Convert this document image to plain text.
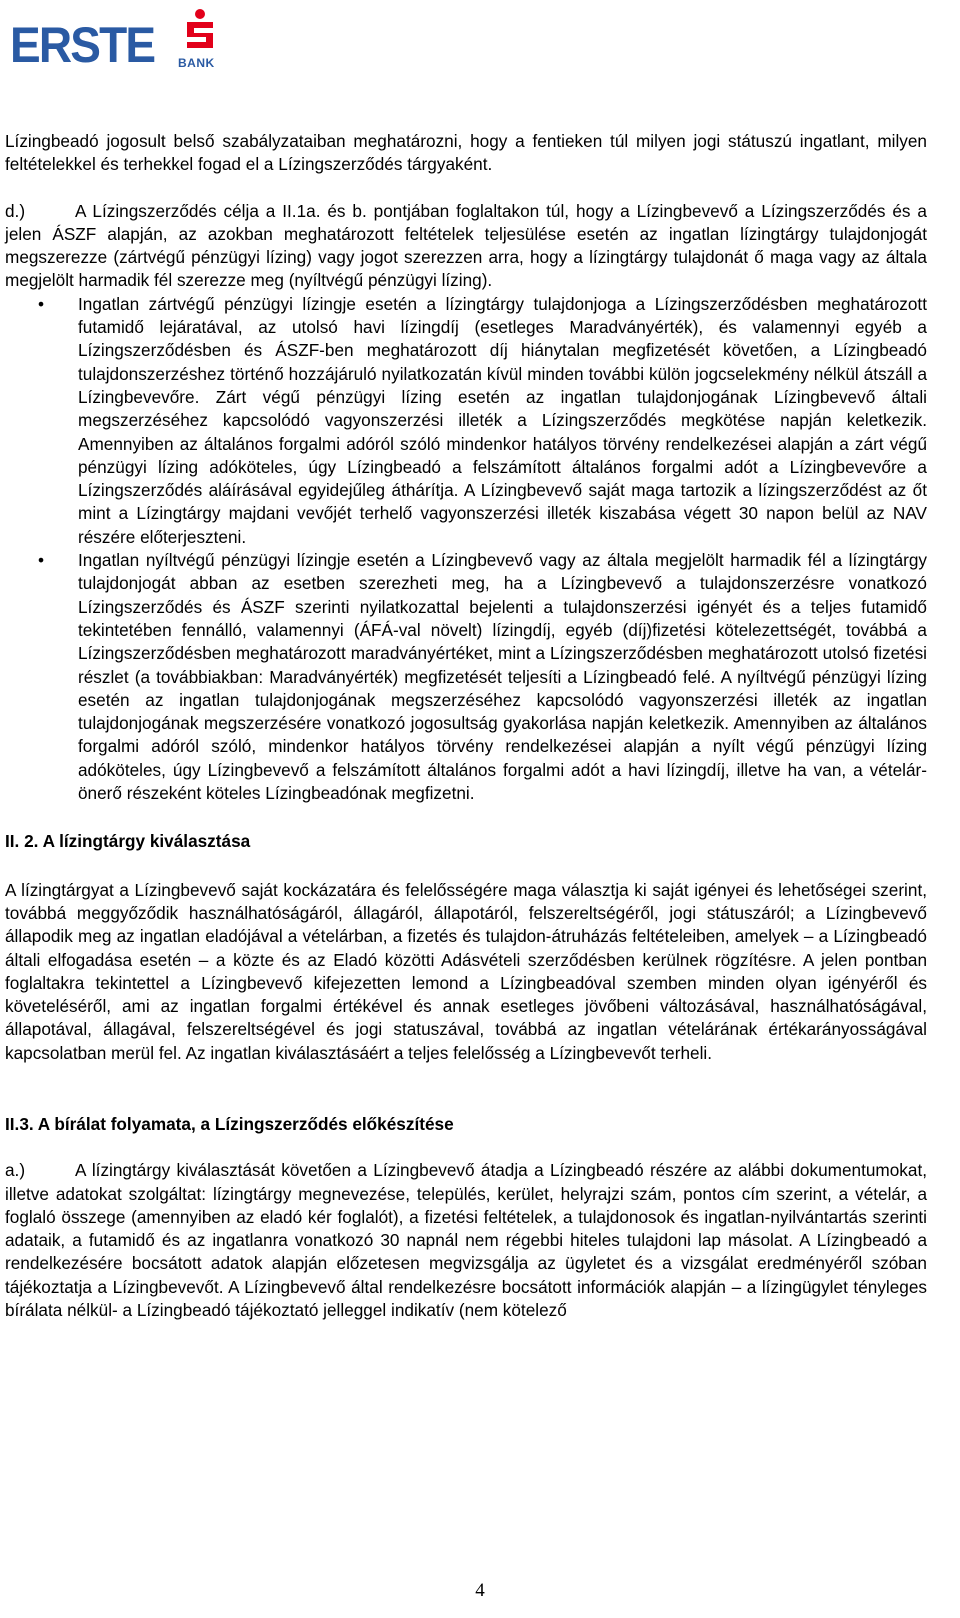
ERSTE BANK

Lízingbeadó jogosult belső szabályzataiban meghatározni, hogy a fentieken túl milyen jogi státuszú ingatlant, milyen feltételekkel és terhekkel fogad el a Lízingszerződés tárgyaként.

d.)	A Lízingszerződés célja a II.1a. és b. pontjában foglaltakon túl, hogy a Lízingbevevő a Lízingszerződés és a jelen ÁSZF alapján, az azokban meghatározott feltételek teljesülése esetén az ingatlan lízingtárgy tulajdonjogát megszerezze (zártvégű pénzügyi lízing) vagy jogot szerezzen arra, hogy a lízingtárgy tulajdonát ő maga vagy az általa megjelölt harmadik fél szerezze meg (nyíltvégű pénzügyi lízing).

• Ingatlan zártvégű pénzügyi lízingje esetén a lízingtárgy tulajdonjoga a Lízingszerződésben meghatározott futamidő lejáratával, az utolsó havi lízingdíj (esetleges Maradványérték), és valamennyi egyéb a Lízingszerződésben és ÁSZF-ben meghatározott díj hiánytalan megfizetését követően, a Lízingbeadó tulajdonszerzéshez történő hozzájáruló nyilatkozatán kívül minden további külön jogcselekmény nélkül átszáll a Lízingbevevőre. Zárt végű pénzügyi lízing esetén az ingatlan tulajdonjogának Lízingbevevő általi megszerzéséhez kapcsolódó vagyonszerzési illeték a Lízingszerződés megkötése napján keletkezik. Amennyiben az általános forgalmi adóról szóló mindenkor hatályos törvény rendelkezései alapján a zárt végű pénzügyi lízing adóköteles, úgy Lízingbeadó a felszámított általános forgalmi adót a Lízingbevevőre a Lízingszerződés aláírásával egyidejűleg áthárítja. A Lízingbevevő saját maga tartozik a lízingszerződést az őt mint a Lízingtárgy majdani vevőjét terhelő vagyonszerzési illeték kiszabása végett 30 napon belül az NAV részére előterjeszteni.

• Ingatlan nyíltvégű pénzügyi lízingje esetén a Lízingbevevő vagy az általa megjelölt harmadik fél a lízingtárgy tulajdonjogát abban az esetben szerezheti meg, ha a Lízingbevevő a tulajdonszerzésre vonatkozó Lízingszerződés és ÁSZF szerinti nyilatkozattal bejelenti a tulajdonszerzési igényét és a teljes futamidő tekintetében fennálló, valamennyi (ÁFÁ-val növelt) lízingdíj, egyéb (díj)fizetési kötelezettségét, továbbá a Lízingszerződésben meghatározott maradványértéket, mint a Lízingszerződésben meghatározott utolsó fizetési részlet (a továbbiakban: Maradványérték) megfizetését teljesíti a Lízingbeadó felé. A nyíltvégű pénzügyi lízing esetén az ingatlan tulajdonjogának megszerzéséhez kapcsolódó vagyonszerzési illeték az ingatlan tulajdonjogának megszerzésére vonatkozó jogosultság gyakorlása napján keletkezik. Amennyiben az általános forgalmi adóról szóló, mindenkor hatályos törvény rendelkezései alapján a nyílt végű pénzügyi lízing adóköteles, úgy Lízingbevevő a felszámított általános forgalmi adót a havi lízingdíj, illetve ha van, a vételár-önerő részeként köteles Lízingbeadónak megfizetni.

II. 2. A lízingtárgy kiválasztása

A lízingtárgyat a Lízingbevevő saját kockázatára és felelősségére maga választja ki saját igényei és lehetőségei szerint, továbbá meggyőződik használhatóságáról, állagáról, állapotáról, felszereltségéről, jogi státuszáról; a Lízingbevevő állapodik meg az ingatlan eladójával a vételárban, a fizetés és tulajdon-átruházás feltételeiben, amelyek – a Lízingbeadó általi elfogadása esetén – a közte és az Eladó közötti Adásvételi szerződésben kerülnek rögzítésre. A jelen pontban foglaltakra tekintettel a Lízingbevevő kifejezetten lemond a Lízingbeadóval szemben minden olyan igényéről és követeléséről, ami az ingatlan forgalmi értékével és annak esetleges jövőbeni változásával, használhatóságával, állapotával, állagával, felszereltségével és jogi statuszával, továbbá az ingatlan vételárának értékarányosságával kapcsolatban merül fel. Az ingatlan kiválasztásáért a teljes felelősség a Lízingbevevőt terheli.

II.3. A bírálat folyamata, a Lízingszerződés előkészítése

a.)	A lízingtárgy kiválasztását követően a Lízingbevevő átadja a Lízingbeadó részére az alábbi dokumentumokat, illetve adatokat szolgáltat: lízingtárgy megnevezése, település, kerület, helyrajzi szám, pontos cím szerint, a vételár, a foglaló összege (amennyiben az eladó kér foglalót), a fizetési feltételek, a tulajdonosok és ingatlan-nyilvántartás szerinti adataik, a futamidő és az ingatlanra vonatkozó 30 napnál nem régebbi hiteles tulajdoni lap másolat. A Lízingbeadó a rendelkezésére bocsátott adatok alapján előzetesen megvizsgálja az ügyletet és a vizsgálat eredményéről szóban tájékoztatja a Lízingbevevőt. A Lízingbevevő által rendelkezésre bocsátott információk alapján – a lízingügylet tényleges bírálata nélkül- a Lízingbeadó tájékoztató jelleggel indikatív (nem kötelező

4
